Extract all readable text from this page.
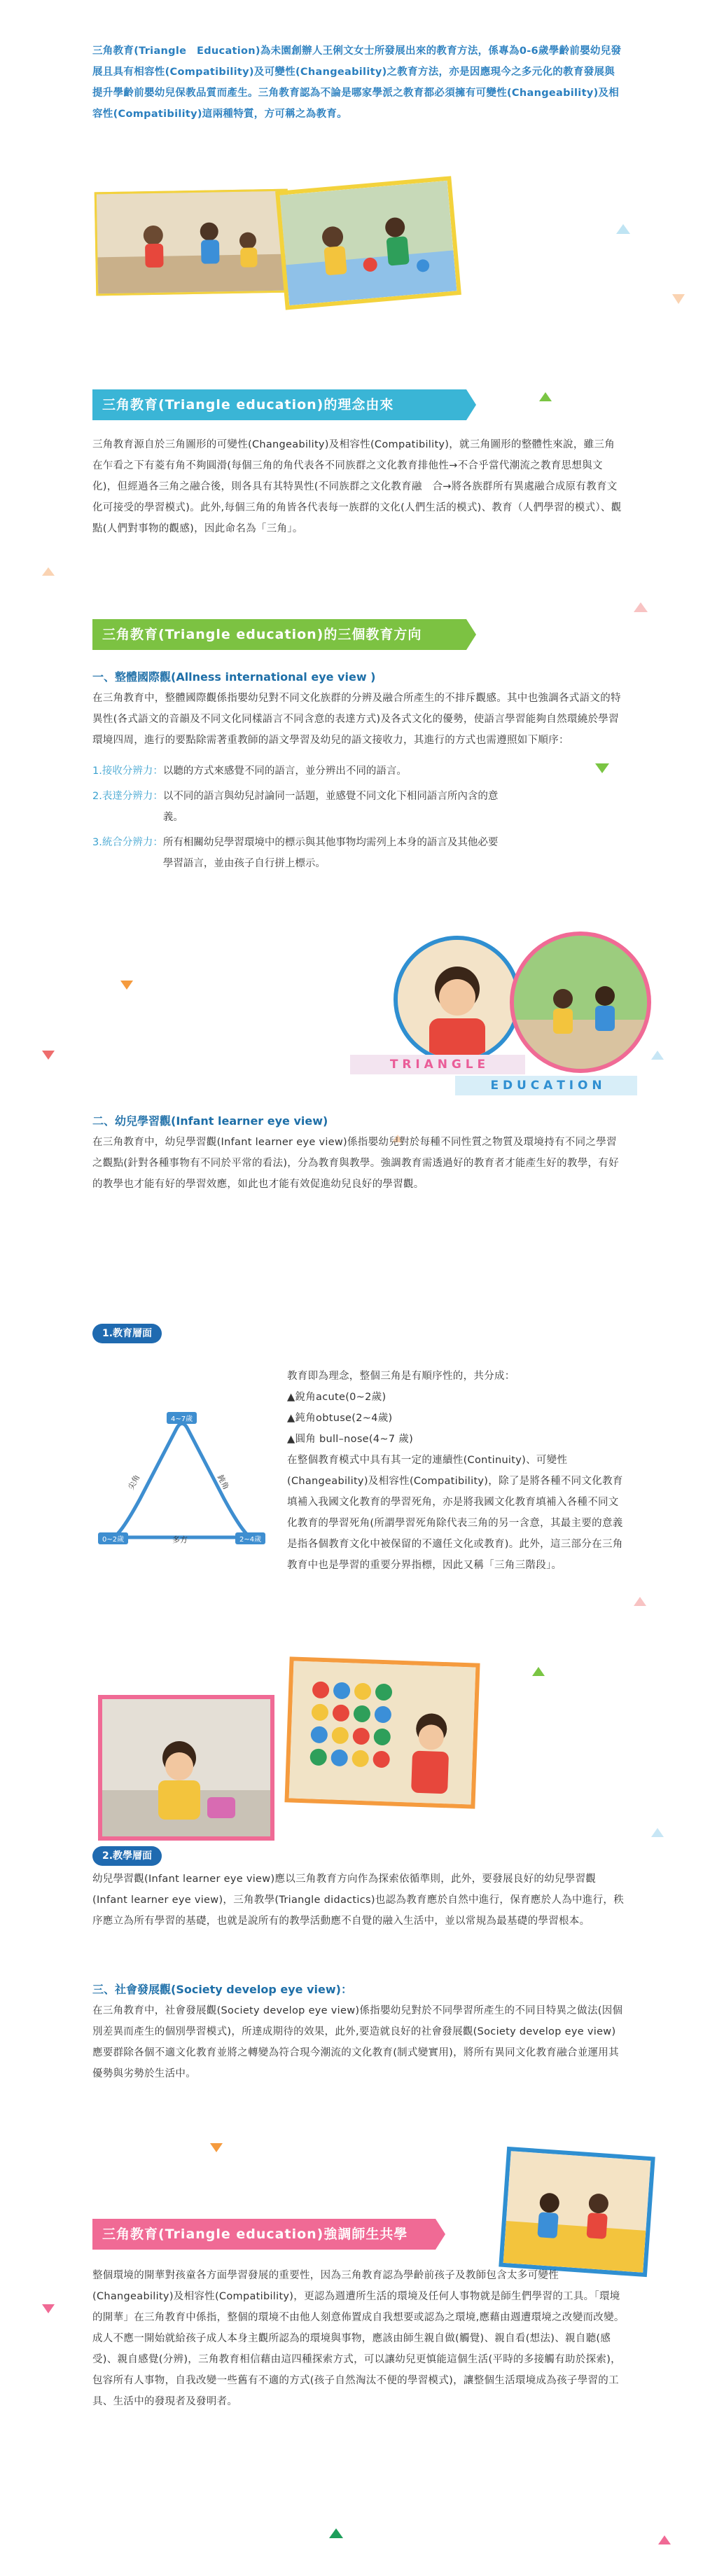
三角教育(Triangle　Education)為未園創辦人王俐文女士所發展出來的教育方法，係專為0-6歲學齡前嬰幼兒發展且具有相容性(Compatibility)及可變性(Changeability)之教育方法，亦是因應現今之多元化的教育發展與提升學齡前嬰幼兒保教品質而產生。三角教育認為不論是哪家學派之教育都必須擁有可變性(Changeability)及相容性(Compatibility)這兩種特質，方可稱之為教育。

三角教育(Triangle education)的理念由來

三角教育源自於三角圖形的可變性(Changeability)及相容性(Compatibility)，就三角圖形的整體性來說，雖三角在乍看之下有菱有角不夠圓滑(每個三角的角代表各不同族群之文化教育排他性→不合乎當代潮流之教育思想與文化)，但經過各三角之融合後，則各具有其特異性(不同族群之文化教育融　合→將各族群所有異處融合成原有教育文化可接受的學習模式)。此外,每個三角的角皆各代表每一族群的文化(人們生活的模式)、教育（人們學習的模式）、觀點(人們對事物的觀感)，因此命名為「三角」。

三角教育(Triangle education)的三個教育方向

一、整體國際觀(Allness international eye view )

在三角教育中，整體國際觀係指嬰幼兒對不同文化族群的分辨及融合所產生的不排斥觀感。其中也強調各式語文的特異性(各式語文的音韻及不同文化同樣語言不同含意的表達方式)及各式文化的優勢，使語言學習能夠自然環繞於學習環境四周，進行的要點除需著重教師的語文學習及幼兒的語文接收力，其進行的方式也需遵照如下順序：

1.接收分辨力： 以聽的方式來感覺不同的語言，並分辨出不同的語言。
2.表達分辨力： 以不同的語言與幼兒討論同一話題，並感覺不同文化下相同語言所內含的意義。
3.統合分辨力： 所有相關幼兒學習環境中的標示與其他事物均需列上本身的語言及其他必要學習語言，並由孩子自行拼上標示。
T R I A N G L E
E D U C A T I O N

二、幼兒學習觀(Infant learner eye view)

在三角教育中，幼兒學習觀(Infant learner eye view)係指嬰幼兒對於每種不同性質之物質及環境持有不同之學習之觀點(針對各種事物有不同於平常的看法)，分為教育與教學。強調教育需透過好的教育者才能產生好的教學，有好的教學也才能有好的學習效應，如此也才能有效促進幼兒良好的學習觀。

1.教育層面
4~7歲
0~2歲	2~4歲
尖角	鈍角
多方

教育即為理念，整個三角是有順序性的，共分成：

▲銳角acute(0~2歲)

▲鈍角obtuse(2~4歲)

▲圓角 bull–nose(4~7 歲)

在整個教育模式中具有其一定的連續性(Continuity)、可變性(Changeability)及相容性(Compatibility)，除了是將各種不同文化教育填補入我國文化教育的學習死角，亦是將我國文化教育填補入各種不同文化教育的學習死角(所謂學習死角除代表三角的另一含意，其最主要的意義是指各個教育文化中被保留的不適任文化或教育)。此外，這三部分在三角教育中也是學習的重要分界指標，因此又稱「三角三階段」。

2.教學層面

幼兒學習觀(Infant learner eye view)應以三角教育方向作為探索依循準則，此外，要發展良好的幼兒學習觀(Infant learner eye view)，三角教學(Triangle didactics)也認為教育應於自然中進行，保育應於人為中進行，秩序應立為所有學習的基礎，也就是說所有的教學活動應不自覺的融入生活中，並以常規為最基礎的學習根本。

三、社會發展觀(Society develop eye view)：

在三角教育中，社會發展觀(Society develop eye view)係指嬰幼兒對於不同學習所產生的不同目特異之做法(因個別差異而產生的個別學習模式)，所達成期待的效果，此外,要造就良好的社會發展觀(Society develop eye view)應要群除各個不適文化教育並將之轉變為符合現今潮流的文化教育(制式變實用)，將所有異同文化教育融合並運用其優勢與劣勢於生活中。

三角教育(Triangle education)強調師生共學

整個環境的開華對孩童各方面學習發展的重要性，因為三角教育認為學齡前孩子及教師包含太多可變性(Changeability)及相容性(Compatibility)，更認為週遭所生活的環境及任何人事物就是師生們學習的工具。「環境的開華」在三角教育中係指，整個的環境不由他人刻意佈置成自我想要或認為之環境,應藉由週遭環境之改變而改變。成人不應一開始就給孩子成人本身主觀所認為的環境與事物，應該由師生親自做(觸覺)、親自看(想法)、親自聽(感受)、親自感覺(分辨)，三角教育相信藉由這四種探索方式，可以讓幼兒更慎能這個生活(平時的多接觸有助於探索)，包容所有人事物，自我改變一些舊有不適的方式(孩子自然淘汰不便的學習模式)，讓整個生活環境成為孩子學習的工具、生活中的發現者及發明者。
